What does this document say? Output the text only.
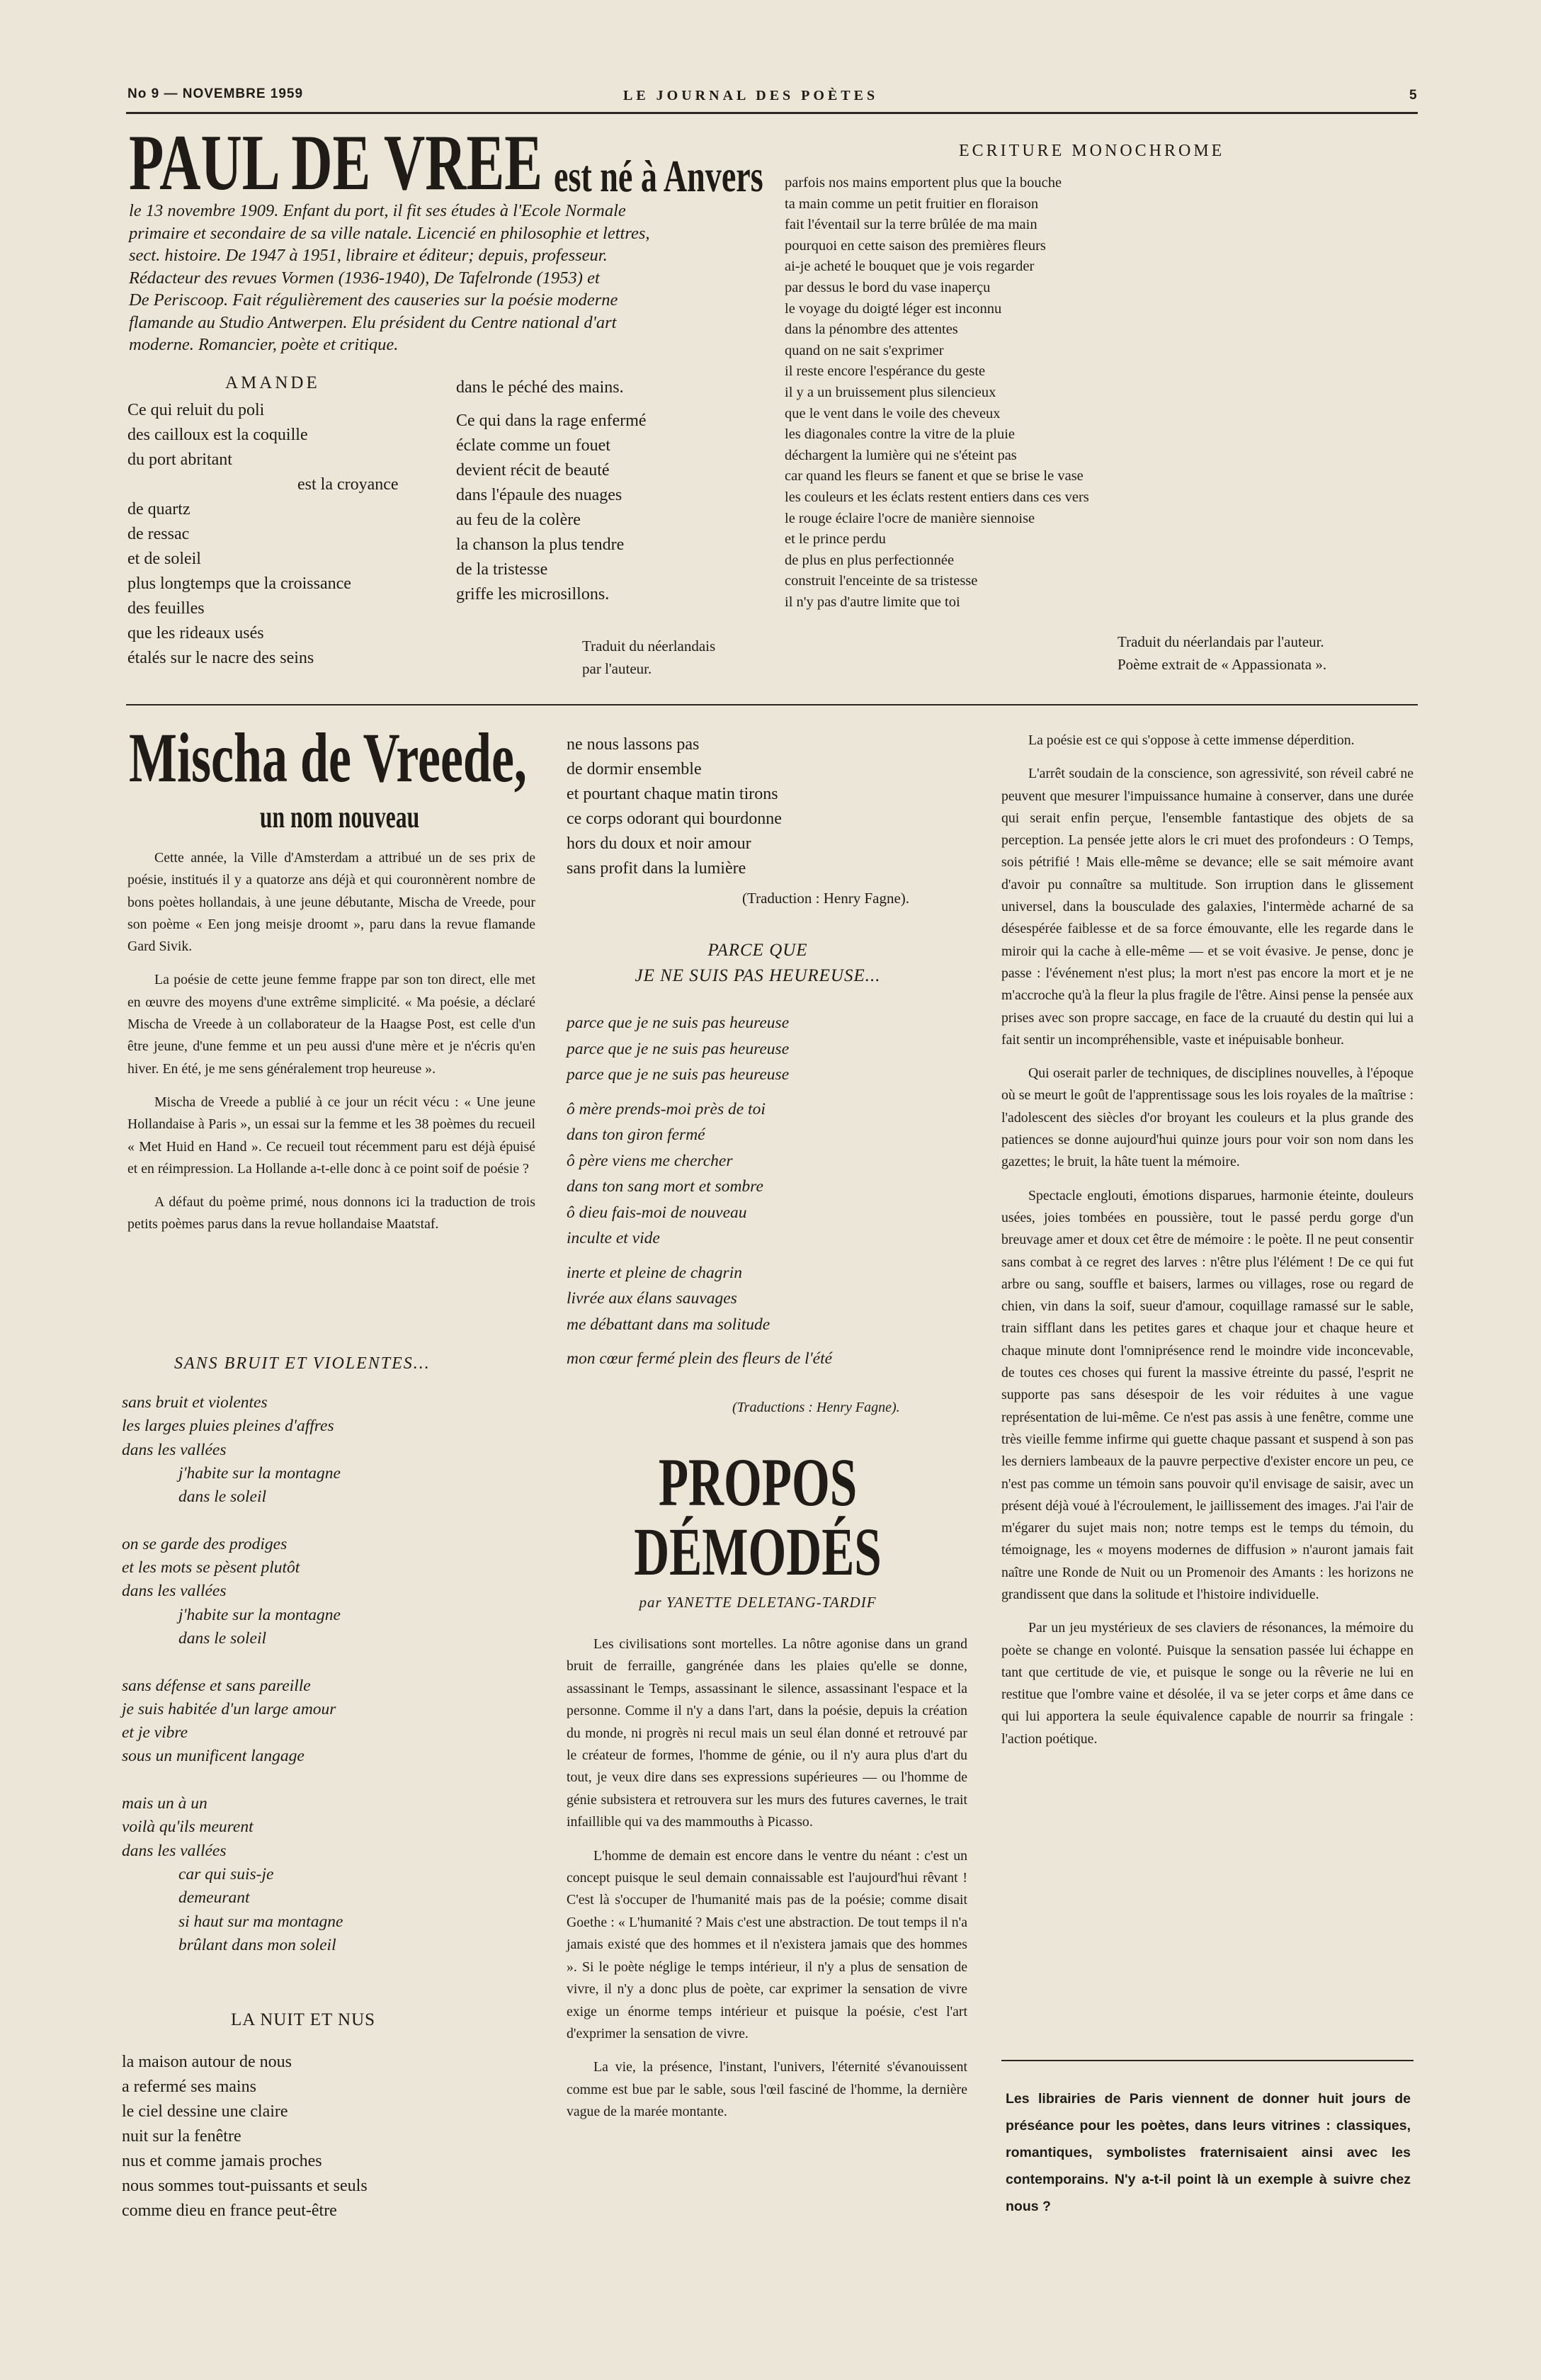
No 9 — NOVEMBRE 1959	LE JOURNAL DES POÈTES	5
PAUL DE VREE est né à Anvers
le 13 novembre 1909. Enfant du port, il fit ses études à l'Ecole Normale
primaire et secondaire de sa ville natale. Licencié en philosophie et lettres,
sect. histoire. De 1947 à 1951, libraire et éditeur; depuis, professeur.
Rédacteur des revues Vormen (1936-1940), De Tafelronde (1953) et
De Periscoop. Fait régulièrement des causeries sur la poésie moderne
flamande au Studio Antwerpen. Elu président du Centre national d'art
moderne. Romancier, poète et critique.
AMANDE
Ce qui reluit du poli
des cailloux est la coquille
du port abritant
est la croyance
de quartz
de ressac
et de soleil
plus longtemps que la croissance
des feuilles
que les rideaux usés
étalés sur le nacre des seins
dans le péché des mains.
Ce qui dans la rage enfermé
éclate comme un fouet
devient récit de beauté
dans l'épaule des nuages
au feu de la colère
la chanson la plus tendre
de la tristesse
griffe les microsillons.
Traduit du néerlandais
par l'auteur.
ECRITURE MONOCHROME
parfois nos mains emportent plus que la bouche
ta main comme un petit fruitier en floraison
fait l'éventail sur la terre brûlée de ma main
pourquoi en cette saison des premières fleurs
ai-je acheté le bouquet que je vois regarder
par dessus le bord du vase inaperçu
le voyage du doigté léger est inconnu
dans la pénombre des attentes
quand on ne sait s'exprimer
il reste encore l'espérance du geste
il y a un bruissement plus silencieux
que le vent dans le voile des cheveux
les diagonales contre la vitre de la pluie
déchargent la lumière qui ne s'éteint pas
car quand les fleurs se fanent et que se brise le vase
les couleurs et les éclats restent entiers dans ces vers
le rouge éclaire l'ocre de manière siennoise
et le prince perdu
de plus en plus perfectionnée
construit l'enceinte de sa tristesse
il n'y pas d'autre limite que toi
Traduit du néerlandais par l'auteur.
Poème extrait de « Appassionata ».
Mischa de Vreede,
un nom nouveau

Cette année, la Ville d'Amsterdam a attribué un de ses prix de poésie, institués il y a quatorze ans déjà et qui couronnèrent nombre de bons poètes hollandais, à une jeune débutante, Mischa de Vreede, pour son poème « Een jong meisje droomt », paru dans la revue flamande Gard Sivik.

La poésie de cette jeune femme frappe par son ton direct, elle met en œuvre des moyens d'une extrême simplicité. « Ma poésie, a déclaré Mischa de Vreede à un collaborateur de la Haagse Post, est celle d'un être jeune, d'une femme et un peu aussi d'une mère et je n'écris qu'en hiver. En été, je me sens généralement trop heureuse ».

Mischa de Vreede a publié à ce jour un récit vécu : « Une jeune Hollandaise à Paris », un essai sur la femme et les 38 poèmes du recueil « Met Huid en Hand ». Ce recueil tout récemment paru est déjà épuisé et en réimpression. La Hollande a-t-elle donc à ce point soif de poésie ?

A défaut du poème primé, nous donnons ici la traduction de trois petits poèmes parus dans la revue hollandaise Maatstaf.

SANS BRUIT ET VIOLENTES...
sans bruit et violentes
les larges pluies pleines d'affres
dans les vallées
j'habite sur la montagne
dans le soleil
on se garde des prodiges
et les mots se pèsent plutôt
dans les vallées
j'habite sur la montagne
dans le soleil
sans défense et sans pareille
je suis habitée d'un large amour
et je vibre
sous un munificent langage
mais un à un
voilà qu'ils meurent
dans les vallées
car qui suis-je
demeurant
si haut sur ma montagne
brûlant dans mon soleil
LA NUIT ET NUS
la maison autour de nous
a refermé ses mains
le ciel dessine une claire
nuit sur la fenêtre
nus et comme jamais proches
nous sommes tout-puissants et seuls
comme dieu en france peut-être
ne nous lassons pas
de dormir ensemble
et pourtant chaque matin tirons
ce corps odorant qui bourdonne
hors du doux et noir amour
sans profit dans la lumière
(Traduction : Henry Fagne).
PARCE QUE
JE NE SUIS PAS HEUREUSE...
parce que je ne suis pas heureuse
parce que je ne suis pas heureuse
parce que je ne suis pas heureuse
ô mère prends-moi près de toi
dans ton giron fermé
ô père viens me chercher
dans ton sang mort et sombre
ô dieu fais-moi de nouveau
inculte et vide
inerte et pleine de chagrin
livrée aux élans sauvages
me débattant dans ma solitude
mon cœur fermé plein des fleurs de l'été
(Traductions : Henry Fagne).
PROPOS
DÉMODÉS
par YANETTE DELETANG-TARDIF

Les civilisations sont mortelles. La nôtre agonise dans un grand bruit de ferraille, gangrénée dans les plaies qu'elle se donne, assassinant le Temps, assassinant le silence, assassinant l'espace et la personne. Comme il n'y a dans l'art, dans la poésie, depuis la création du monde, ni progrès ni recul mais un seul élan donné et retrouvé par le créateur de formes, l'homme de génie, ou il n'y aura plus d'art du tout, je veux dire dans ses expressions supérieures — ou l'homme de génie subsistera et retrouvera sur les murs des futures cavernes, le trait infaillible qui va des mammouths à Picasso.

L'homme de demain est encore dans le ventre du néant : c'est un concept puisque le seul demain connaissable est l'aujourd'hui rêvant ! C'est là s'occuper de l'humanité mais pas de la poésie; comme disait Goethe : « L'humanité ? Mais c'est une abstraction. De tout temps il n'a jamais existé que des hommes et il n'existera jamais que des hommes ». Si le poète néglige le temps intérieur, il n'y a plus de sensation de vivre, il n'y a donc plus de poète, car exprimer la sensation de vivre exige un énorme temps intérieur et puisque la poésie, c'est l'art d'exprimer la sensation de vivre.

La vie, la présence, l'instant, l'univers, l'éternité s'évanouissent comme est bue par le sable, sous l'œil fasciné de l'homme, la dernière vague de la marée montante.

La poésie est ce qui s'oppose à cette immense déperdition.

L'arrêt soudain de la conscience, son agressivité, son réveil cabré ne peuvent que mesurer l'impuissance humaine à conserver, dans une durée qui serait enfin perçue, l'ensemble fantastique des objets de sa perception. La pensée jette alors le cri muet des profondeurs : O Temps, sois pétrifié ! Mais elle-même se devance; elle se sait mémoire avant d'avoir pu connaître sa multitude. Son irruption dans le glissement universel, dans la bousculade des galaxies, l'intermède acharné de sa désespérée faiblesse et de sa force émouvante, elle les regarde dans le miroir qui la cache à elle-même — et se voit évasive. Je pense, donc je passe : l'événement n'est plus; la mort n'est pas encore la mort et je ne m'accroche qu'à la fleur la plus fragile de l'être. Ainsi pense la pensée aux prises avec son propre saccage, en face de la cruauté du destin qui lui a fait sentir un incompréhensible, vaste et inépuisable bonheur.

Qui oserait parler de techniques, de disciplines nouvelles, à l'époque où se meurt le goût de l'apprentissage sous les lois royales de la maîtrise : l'adolescent des siècles d'or broyant les couleurs et la plus grande des patiences se donne aujourd'hui quinze jours pour voir son nom dans les gazettes; le bruit, la hâte tuent la mémoire.

Spectacle englouti, émotions disparues, harmonie éteinte, douleurs usées, joies tombées en poussière, tout le passé perdu gorge d'un breuvage amer et doux cet être de mémoire : le poète. Il ne peut consentir sans combat à ce regret des larves : n'être plus l'élément ! De ce qui fut arbre ou sang, souffle et baisers, larmes ou villages, rose ou regard de chien, vin dans la soif, sueur d'amour, coquillage ramassé sur le sable, train sifflant dans les petites gares et chaque jour et chaque heure et chaque minute dont l'omniprésence rend le moindre vide inconcevable, de toutes ces choses qui furent la massive étreinte du passé, l'esprit ne supporte pas sans désespoir de les voir réduites à une vague représentation de lui-même. Ce n'est pas assis à une fenêtre, comme une très vieille femme infirme qui guette chaque passant et suspend à son pas les derniers lambeaux de la pauvre perpective d'exister encore un peu, ce n'est pas comme un témoin sans pouvoir qu'il envisage de saisir, avec un présent déjà voué à l'écroulement, le jaillissement des images. J'ai l'air de m'égarer du sujet mais non; notre temps est le temps du témoin, du témoignage, les « moyens modernes de diffusion » n'auront jamais fait naître une Ronde de Nuit ou un Promenoir des Amants : les horizons ne grandissent que dans la solitude et l'histoire individuelle.

Par un jeu mystérieux de ses claviers de résonances, la mémoire du poète se change en volonté. Puisque la sensation passée lui échappe en tant que certitude de vie, et puisque le songe ou la rêverie ne lui en restitue que l'ombre vaine et désolée, il va se jeter corps et âme dans ce qui lui apportera la seule équivalence capable de nourrir sa fringale : l'action poétique.

Les librairies de Paris viennent de donner huit jours de préséance pour les poètes, dans leurs vitrines : classiques, romantiques, symbolistes fraternisaient ainsi avec les contemporains. N'y a-t-il point là un exemple à suivre chez nous ?
